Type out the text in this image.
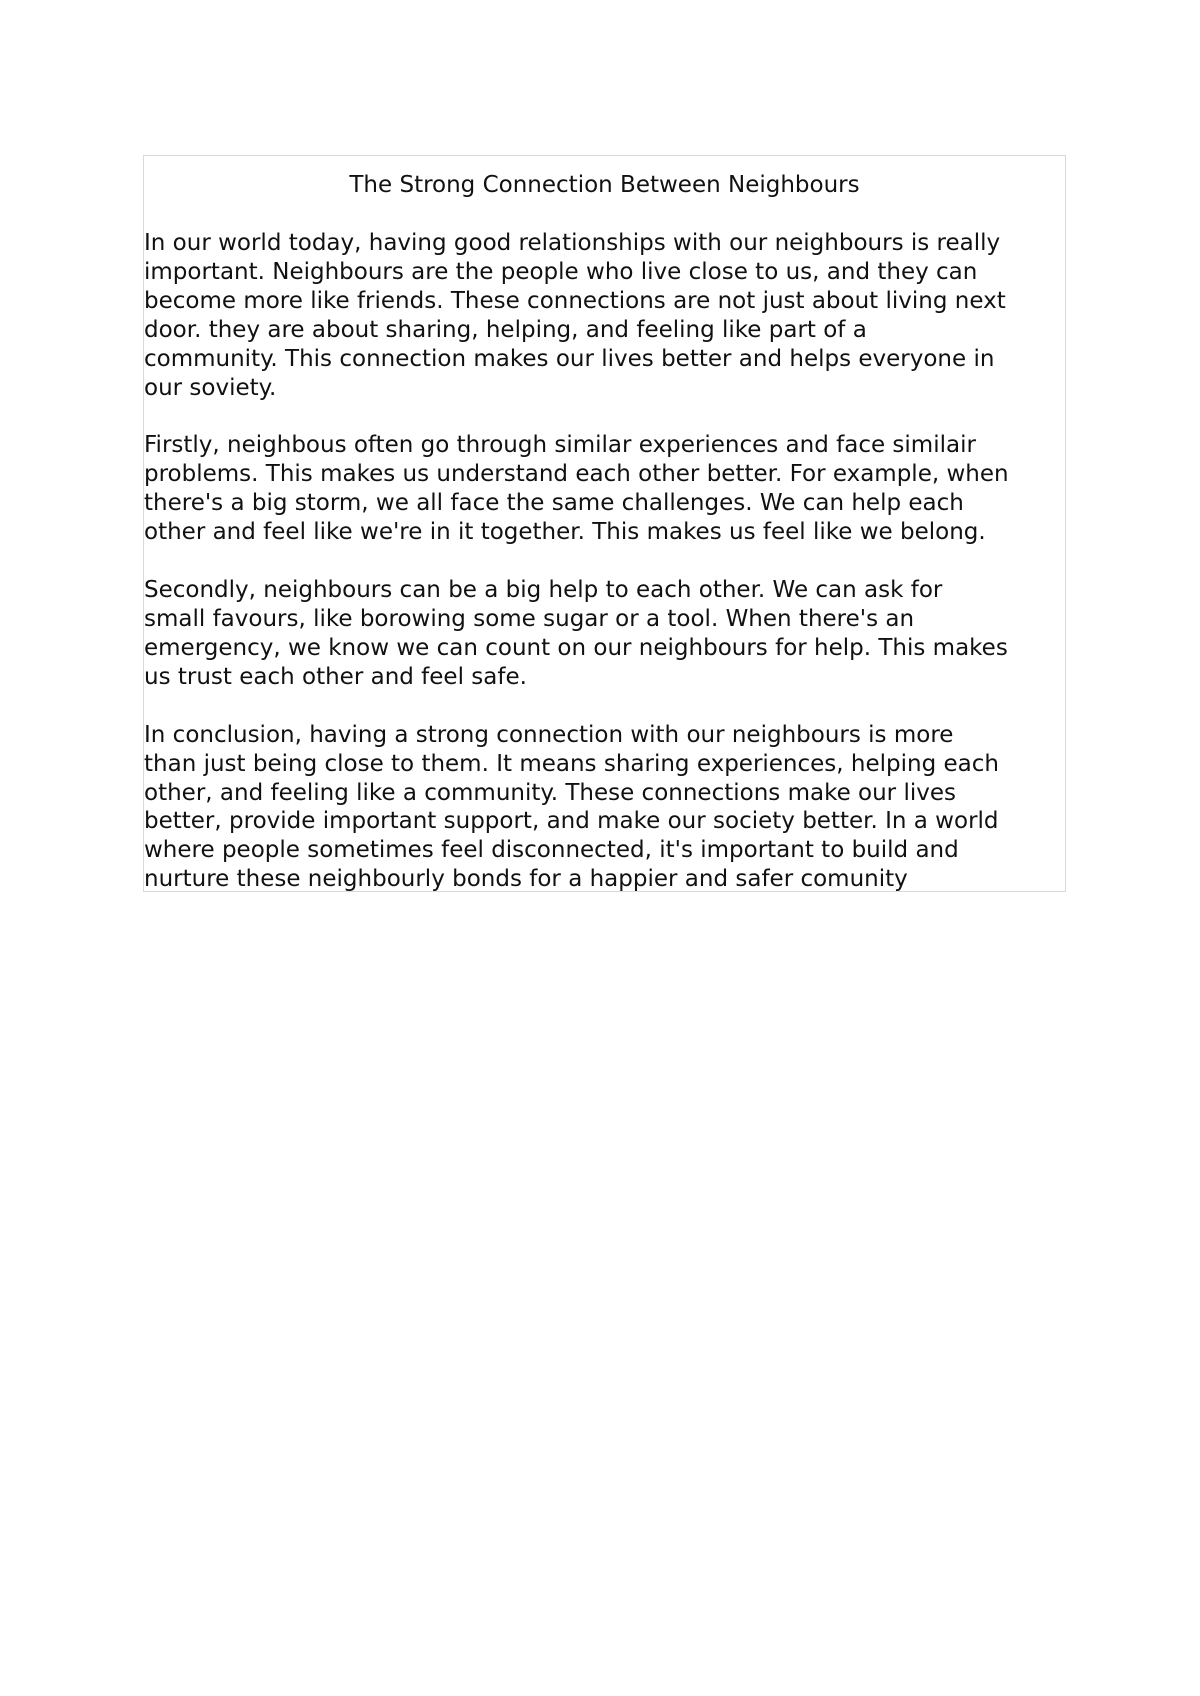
The Strong Connection Between Neighbours

In our world today, having good relationships with our neighbours is really
important. Neighbours are the people who live close to us, and they can
become more like friends. These connections are not just about living next
door. they are about sharing, helping, and feeling like part of a
community. This connection makes our lives better and helps everyone in
our soviety.

Firstly, neighbous often go through similar experiences and face similair
problems. This makes us understand each other better. For example, when
there's a big storm, we all face the same challenges. We can help each
other and feel like we're in it together. This makes us feel like we belong.

Secondly, neighbours can be a big help to each other. We can ask for
small favours, like borowing some sugar or a tool. When there's an
emergency, we know we can count on our neighbours for help. This makes
us trust each other and feel safe.

In conclusion, having a strong connection with our neighbours is more
than just being close to them. It means sharing experiences, helping each
other, and feeling like a community. These connections make our lives
better, provide important support, and make our society better. In a world
where people sometimes feel disconnected, it's important to build and
nurture these neighbourly bonds for a happier and safer comunity
